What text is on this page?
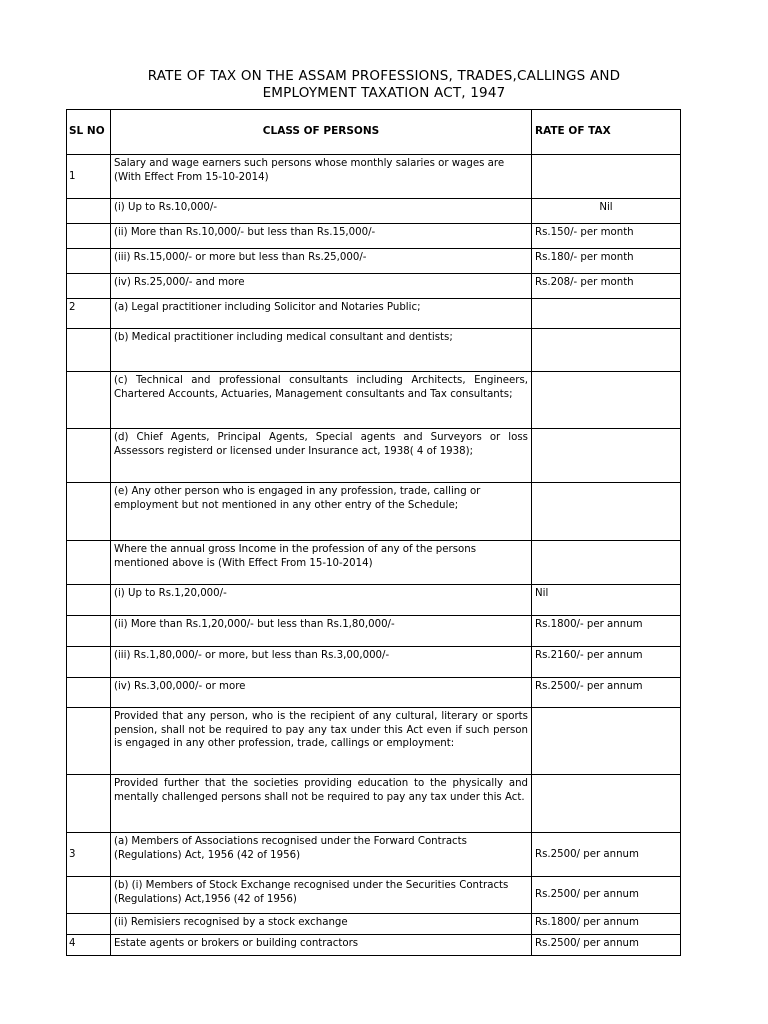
RATE OF TAX ON THE ASSAM PROFESSIONS, TRADES,CALLINGS AND
EMPLOYMENT TAXATION ACT, 1947
SL NO	CLASS OF PERSONS	RATE OF TAX
1	Salary and wage earners such persons whose monthly salaries or wages are (With Effect From 15-10-2014)	
	(i) Up to Rs.10,000/-	Nil
	(ii) More than Rs.10,000/- but less than Rs.15,000/-	Rs.150/- per month
	(iii) Rs.15,000/- or more but less than Rs.25,000/-	Rs.180/- per month
	(iv) Rs.25,000/- and more	Rs.208/- per month
2	(a) Legal practitioner including Solicitor and Notaries Public;	
	(b) Medical practitioner including medical consultant and dentists;	
	(c) Technical and professional consultants including Architects, Engineers, Chartered Accounts, Actuaries, Management consultants and Tax consultants;	
	(d) Chief Agents, Principal Agents, Special agents and Surveyors or loss Assessors registerd or licensed under Insurance act, 1938( 4 of 1938);	
	(e) Any other person who is engaged in any profession, trade, calling or employment but not mentioned in any other entry of the Schedule;	
	Where the annual gross Income in the profession of any of the persons mentioned above is (With Effect From 15-10-2014)	
	(i) Up to Rs.1,20,000/-	Nil
	(ii) More than Rs.1,20,000/- but less than Rs.1,80,000/-	Rs.1800/- per annum
	(iii) Rs.1,80,000/- or more, but less than Rs.3,00,000/-	Rs.2160/- per annum
	(iv) Rs.3,00,000/- or more	Rs.2500/- per annum
	Provided that any person, who is the recipient of any cultural, literary or sports pension, shall not be required to pay any tax under this Act even if such person is engaged in any other profession, trade, callings or employment:	
	Provided further that the societies providing education to the physically and mentally challenged persons shall not be required to pay any tax under this Act.	
3	(a) Members of Associations recognised under the Forward Contracts (Regulations) Act, 1956 (42 of 1956)	Rs.2500/ per annum
	(b) (i) Members of Stock Exchange recognised under the Securities Contracts (Regulations) Act,1956 (42 of 1956)	Rs.2500/ per annum
	(ii) Remisiers recognised by a stock exchange	Rs.1800/ per annum
4	Estate agents or brokers or building contractors	Rs.2500/ per annum
